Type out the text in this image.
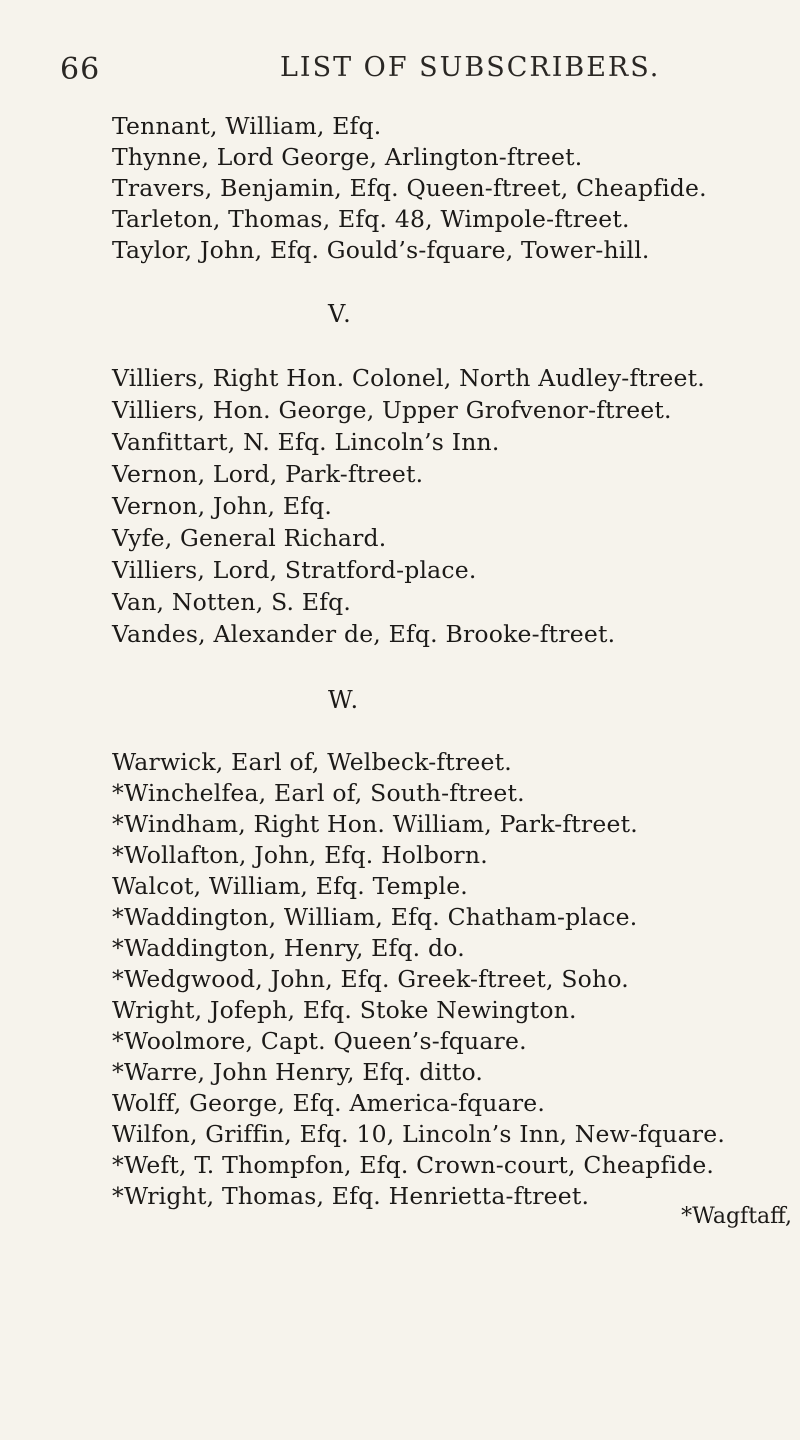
66	LIST OF SUBSCRIBERS.
Tennant, William, Efq.
Thynne, Lord George, Arlington-ftreet.
Travers, Benjamin, Efq. Queen-ftreet, Cheapfide.
Tarleton, Thomas, Efq. 48, Wimpole-ftreet.
Taylor, John, Efq. Gould’s-fquare, Tower-hill.
V.
Villiers, Right Hon. Colonel, North Audley-ftreet.
Villiers, Hon. George, Upper Grofvenor-ftreet.
Vanfittart, N. Efq. Lincoln’s Inn.
Vernon, Lord, Park-ftreet.
Vernon, John, Efq.
Vyfe, General Richard.
Villiers, Lord, Stratford-place.
Van, Notten, S. Efq.
Vandes, Alexander de, Efq. Brooke-ftreet.
W.
Warwick, Earl of, Welbeck-ftreet.
*Winchelfea, Earl of, South-ftreet.
*Windham, Right Hon. William, Park-ftreet.
*Wollafton, John, Efq. Holborn.
Walcot, William, Efq. Temple.
*Waddington, William, Efq. Chatham-place.
*Waddington, Henry, Efq. do.
*Wedgwood, John, Efq. Greek-ftreet, Soho.
Wright, Jofeph, Efq. Stoke Newington.
*Woolmore, Capt. Queen’s-fquare.
*Warre, John Henry, Efq. ditto.
Wolff, George, Efq. America-fquare.
Wilfon, Griffin, Efq. 10, Lincoln’s Inn, New-fquare.
*Weft, T. Thompfon, Efq. Crown-court, Cheapfide.
*Wright, Thomas, Efq. Henrietta-ftreet.
*Wagftaff,
